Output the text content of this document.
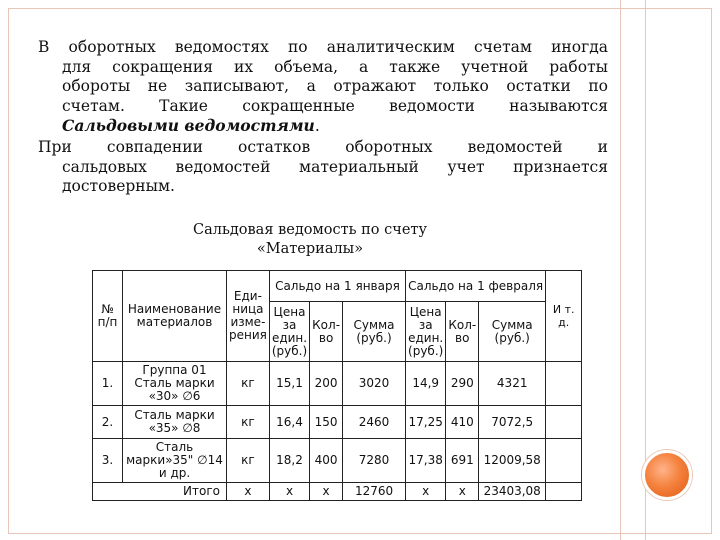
В оборотных ведомостях по аналитическим счетам иногда
для сокращения их объема, а также учетной работы
обороты не записывают, а отражают только остатки по
счетам. Такие сокращенные ведомости называются
Сальдовыми ведомостями.
При совпадении остатков оборотных ведомостей и
сальдовых ведомостей материальный учет признается
достоверным.
Сальдовая ведомость по счету
«Материалы»
№ п/п	Наименование материалов	Еди-ница изме-рения	Сальдо на 1 января			Сальдо на 1 февраля			И т. д.
			Цена за един. (руб.)	Кол-во	Сумма (руб.)	Цена за един. (руб.)	Кол-во	Сумма (руб.)	
1.	Группа 01 Сталь марки «30» ∅6	кг	15,1	200	3020	14,9	290	4321	
2.	Сталь марки «35» ∅8	кг	16,4	150	2460	17,25	410	7072,5	
3.	Сталь марки»35" ∅14 и др.	кг	18,2	400	7280	17,38	691	12009,58	
Итого		x	x	x	12760	x	x	23403,08	
